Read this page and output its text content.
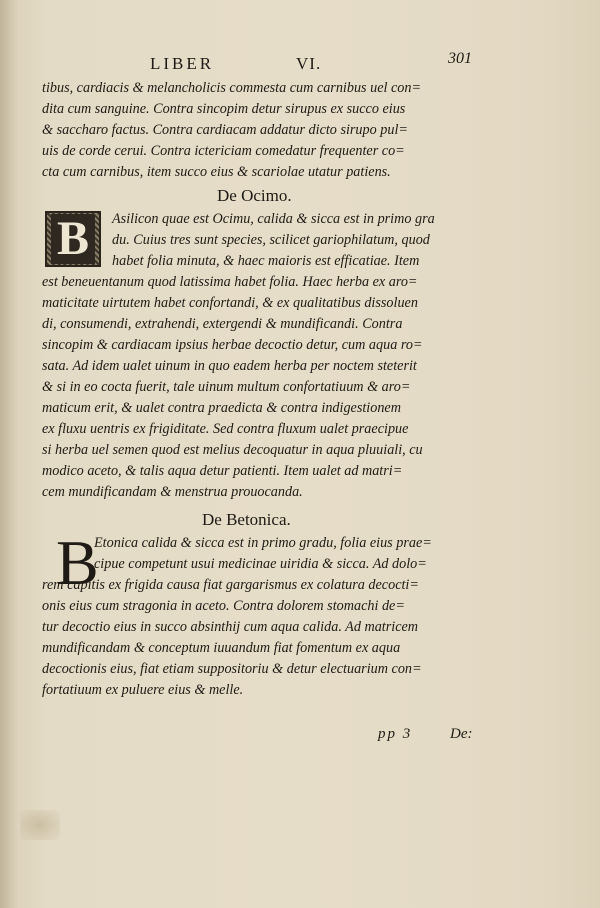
LIBER	VI.	301
tibus, cardiacis & melancholicis commesta cum carnibus uel con=
dita cum sanguine. Contra sincopim detur sirupus ex succo eius
& saccharo factus. Contra cardiacam addatur dicto sirupo pul=
uis de corde cerui. Contra ictericiam comedatur frequenter co=
cta cum carnibus, item succo eius & scariolae utatur patiens.
De Ocimo.
B	Asilicon quae est Ocimu, calida & sicca est in primo gra
du. Cuius tres sunt species, scilicet gariophilatum, quod
habet folia minuta, & haec maioris est efficatiae. Item
est beneuentanum quod latissima habet folia. Haec herba ex aro=
maticitate uirtutem habet confortandi, & ex qualitatibus dissoluen
di, consumendi, extrahendi, extergendi & mundificandi. Contra
sincopim & cardiacam ipsius herbae decoctio detur, cum aqua ro=
sata. Ad idem ualet uinum in quo eadem herba per noctem steterit
& si in eo cocta fuerit, tale uinum multum confortatiuum & aro=
maticum erit, & ualet contra praedicta & contra indigestionem
ex fluxu uentris ex frigiditate. Sed contra fluxum ualet praecipue
si herba uel semen quod est melius decoquatur in aqua pluuiali, cu
modico aceto, & talis aqua detur patienti. Item ualet ad matri=
cem mundificandam & menstrua prouocanda.
De Betonica.
B
Etonica calida & sicca est in primo gradu, folia eius prae=
cipue competunt usui medicinae uiridia & sicca. Ad dolo=
rem capitis ex frigida causa fiat gargarismus ex colatura decocti=
onis eius cum stragonia in aceto. Contra dolorem stomachi de=
tur decoctio eius in succo absinthij cum aqua calida. Ad matricem
mundificandam & conceptum iuuandum fiat fomentum ex aqua
decoctionis eius, fiat etiam suppositoriu & detur electuarium con=
fortatiuum ex puluere eius & melle.
pp 3	De:
